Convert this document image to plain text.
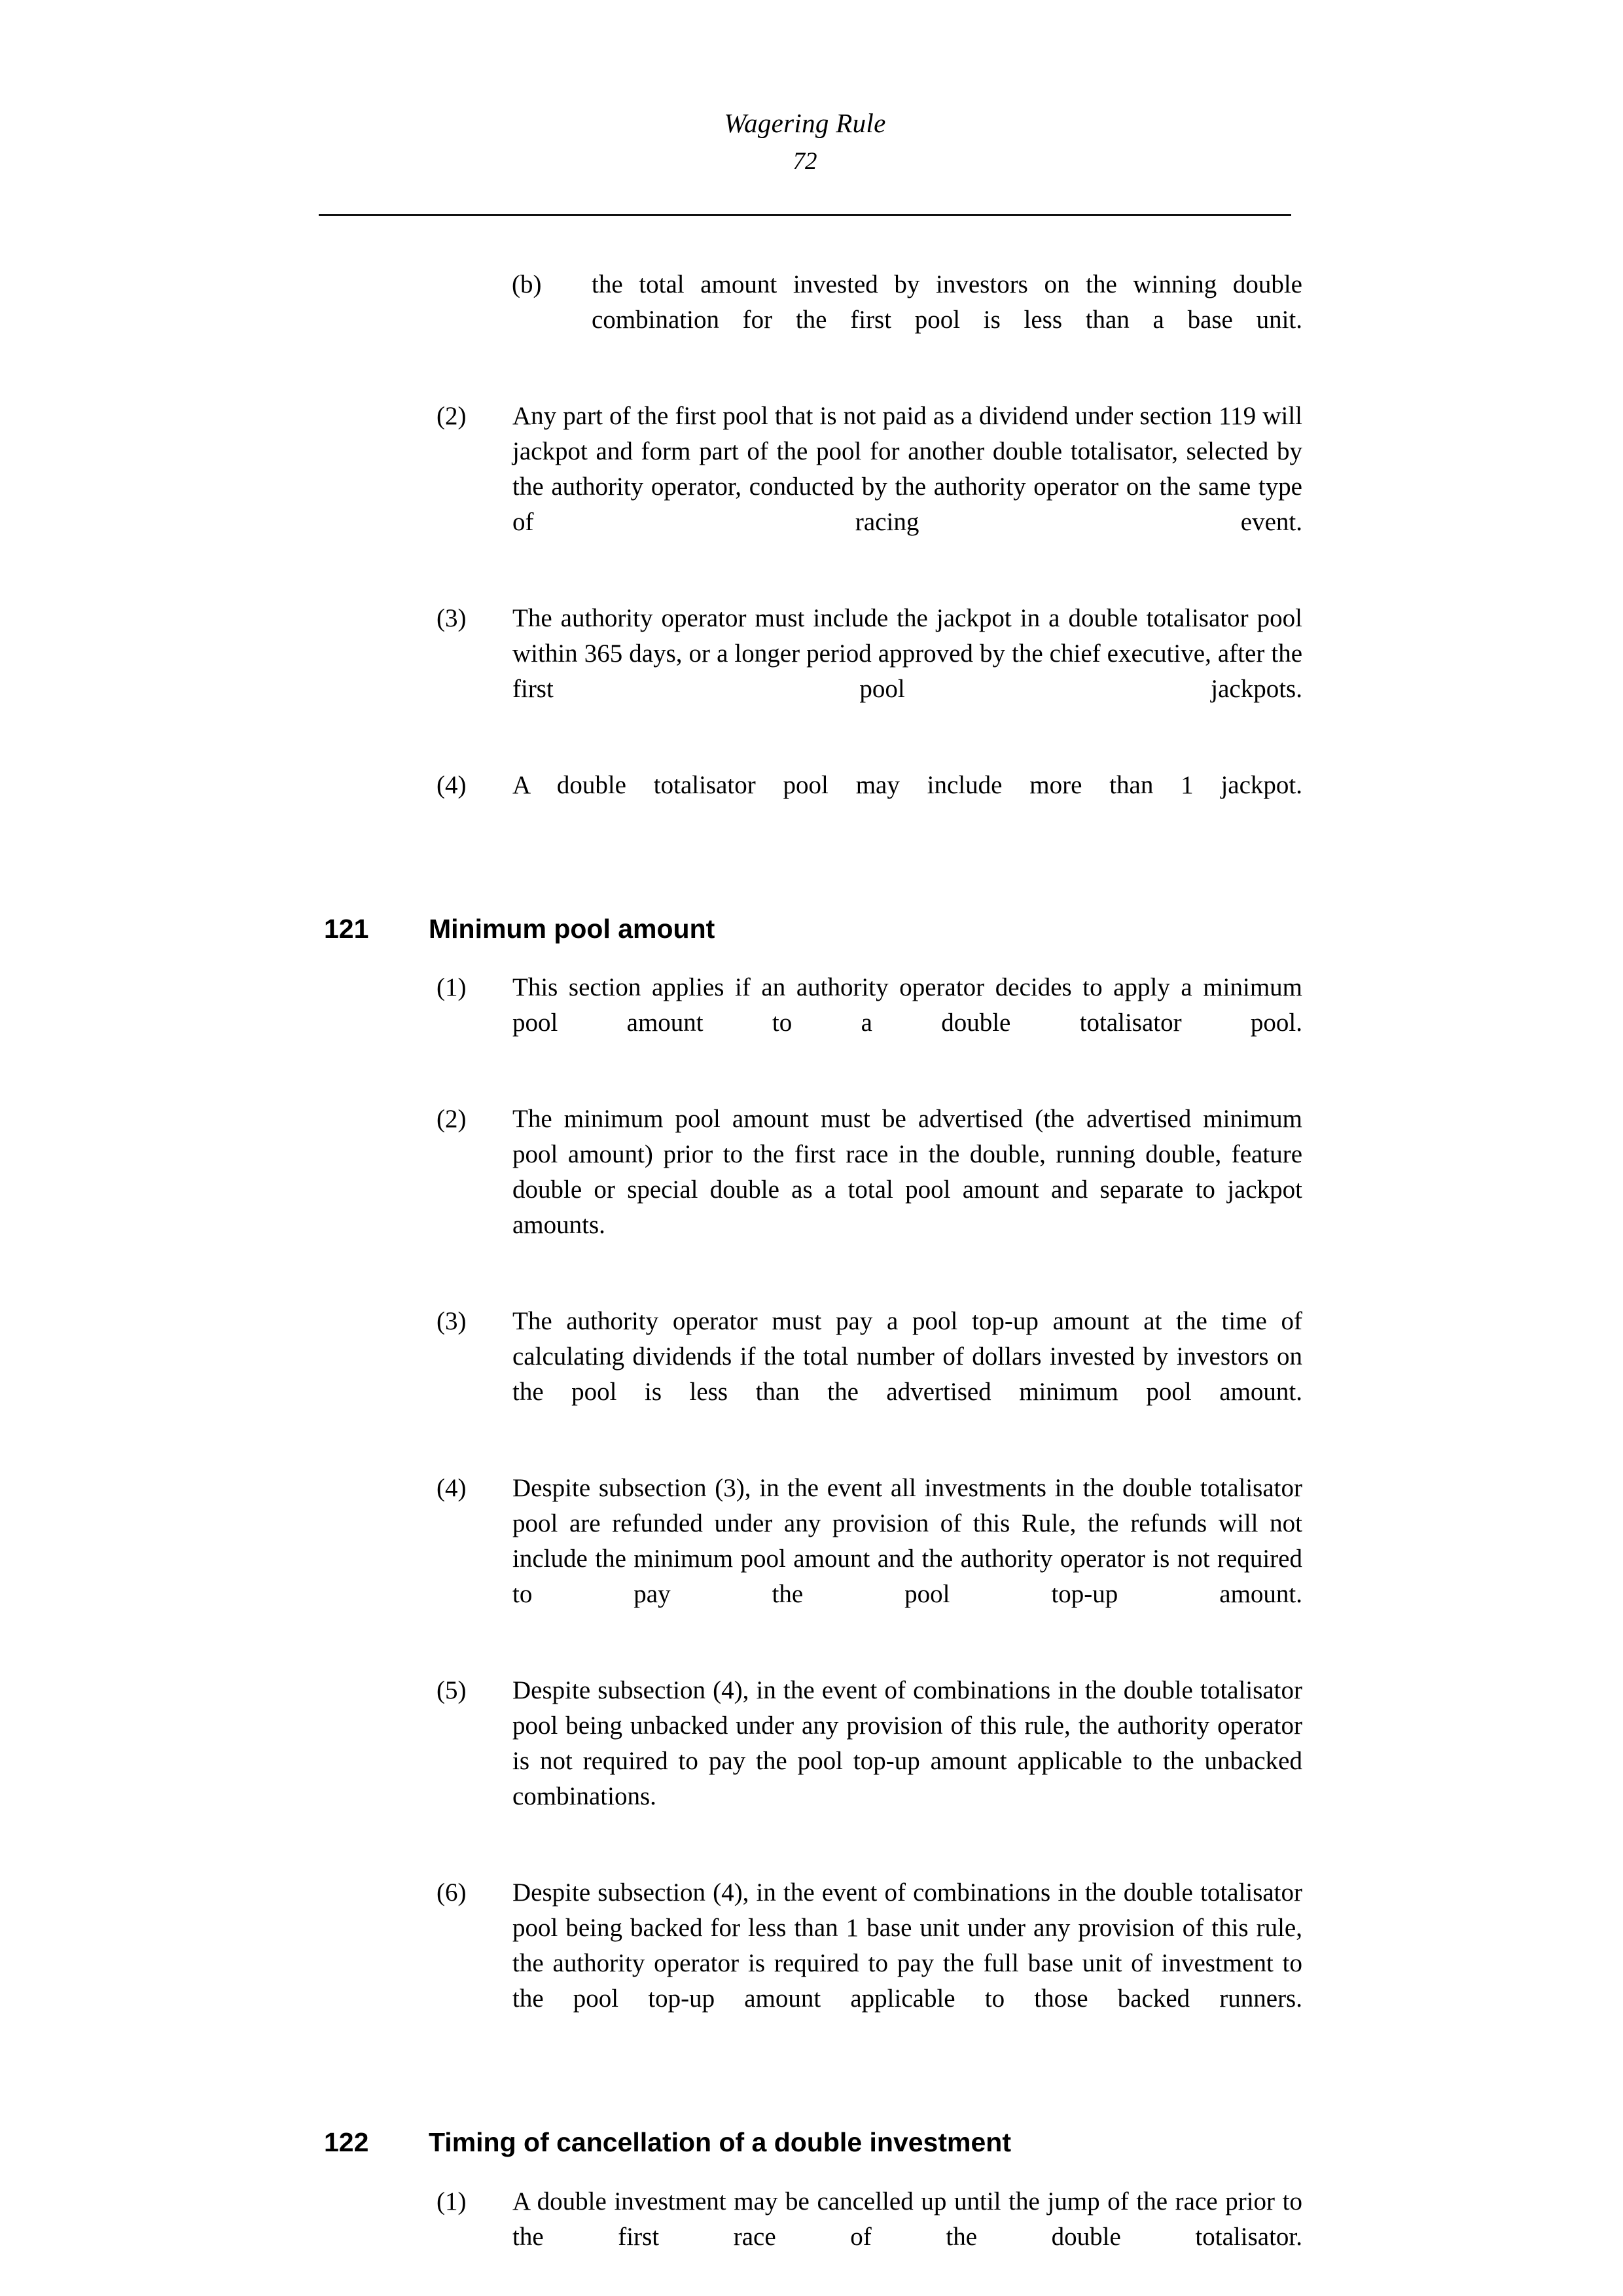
Wagering Rule
72
(b)	the total amount invested by investors on the winning double combination for the first pool is less than a base unit.
(2)	Any part of the first pool that is not paid as a dividend under section 119 will jackpot and form part of the pool for another double totalisator, selected by the authority operator, conducted by the authority operator on the same type of racing event.
(3)	The authority operator must include the jackpot in a double totalisator pool within 365 days, or a longer period approved by the chief executive, after the first pool jackpots.
(4)	A double totalisator pool may include more than 1 jackpot.
121	Minimum pool amount
(1)	This section applies if an authority operator decides to apply a minimum pool amount to a double totalisator pool.
(2)	The minimum pool amount must be advertised (the advertised minimum pool amount) prior to the first race in the double, running double, feature double or special double as a total pool amount and separate to jackpot amounts.
(3)	The authority operator must pay a pool top-up amount at the time of calculating dividends if the total number of dollars invested by investors on the pool is less than the advertised minimum pool amount.
(4)	Despite subsection (3), in the event all investments in the double totalisator pool are refunded under any provision of this Rule, the refunds will not include the minimum pool amount and the authority operator is not required to pay the pool top-up amount.
(5)	Despite subsection (4), in the event of combinations in the double totalisator pool being unbacked under any provision of this rule, the authority operator is not required to pay the pool top-up amount applicable to the unbacked combinations.
(6)	Despite subsection (4), in the event of combinations in the double totalisator pool being backed for less than 1 base unit under any provision of this rule, the authority operator is required to pay the full base unit of investment to the pool top-up amount applicable to those backed runners.
122	Timing of cancellation of a double investment
(1)	A double investment may be cancelled up until the jump of the race prior to the first race of the double totalisator.
